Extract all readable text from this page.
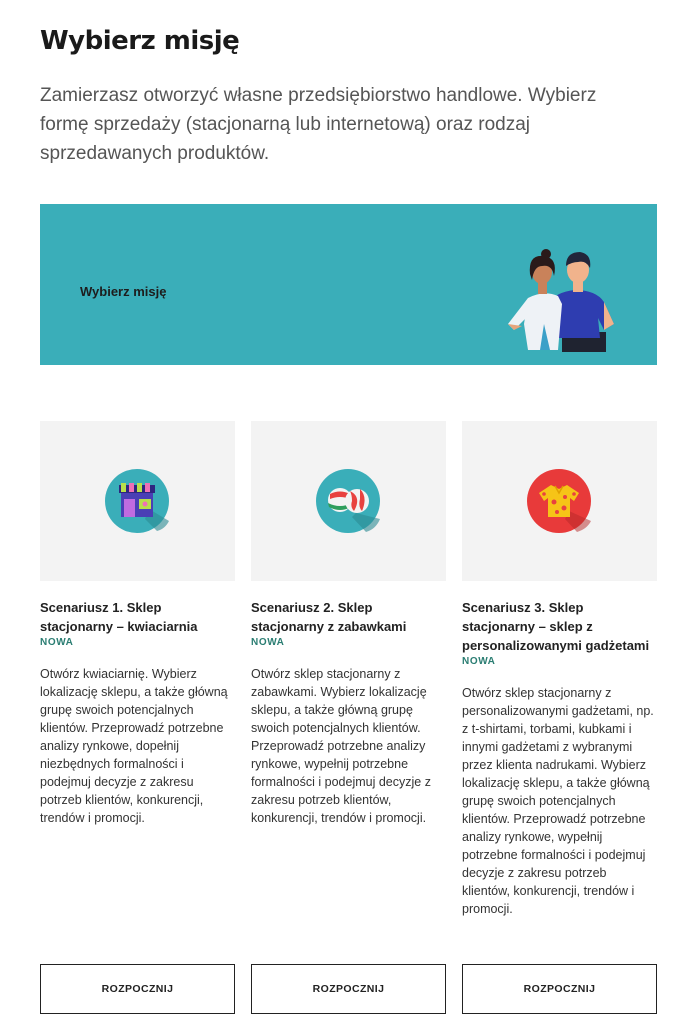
Wybierz misję

Zamierzasz otworzyć własne przedsiębiorstwo handlowe. Wybierz formę sprzedaży (stacjonarną lub internetową) oraz rodzaj sprzedawanych produktów.

Wybierz misję
Scenariusz 1. Sklep stacjonarny – kwiaciarnia
NOWA
Otwórz kwiaciarnię. Wybierz lokalizację sklepu, a także główną grupę swoich potencjalnych klientów. Przeprowadź potrzebne analizy rynkowe, dopełnij niezbędnych formalności i podejmuj decyzje z zakresu potrzeb klientów, konkurencji, trendów i promocji.
Scenariusz 2. Sklep stacjonarny z zabawkami
NOWA
Otwórz sklep stacjonarny z zabawkami. Wybierz lokalizację sklepu, a także główną grupę swoich potencjalnych klientów. Przeprowadź potrzebne analizy rynkowe, wypełnij potrzebne formalności i podejmuj decyzje z zakresu potrzeb klientów, konkurencji, trendów i promocji.
Scenariusz 3. Sklep stacjonarny – sklep z personalizowanymi gadżetami
NOWA
Otwórz sklep stacjonarny z personalizowanymi gadżetami, np. z t-shirtami, torbami, kubkami i innymi gadżetami z wybranymi przez klienta nadrukami. Wybierz lokalizację sklepu, a także główną grupę swoich potencjalnych klientów. Przeprowadź potrzebne analizy rynkowe, wypełnij potrzebne formalności i podejmuj decyzje z zakresu potrzeb klientów, konkurencji, trendów i promocji.
ROZPOCZNIJ	ROZPOCZNIJ	ROZPOCZNIJ
